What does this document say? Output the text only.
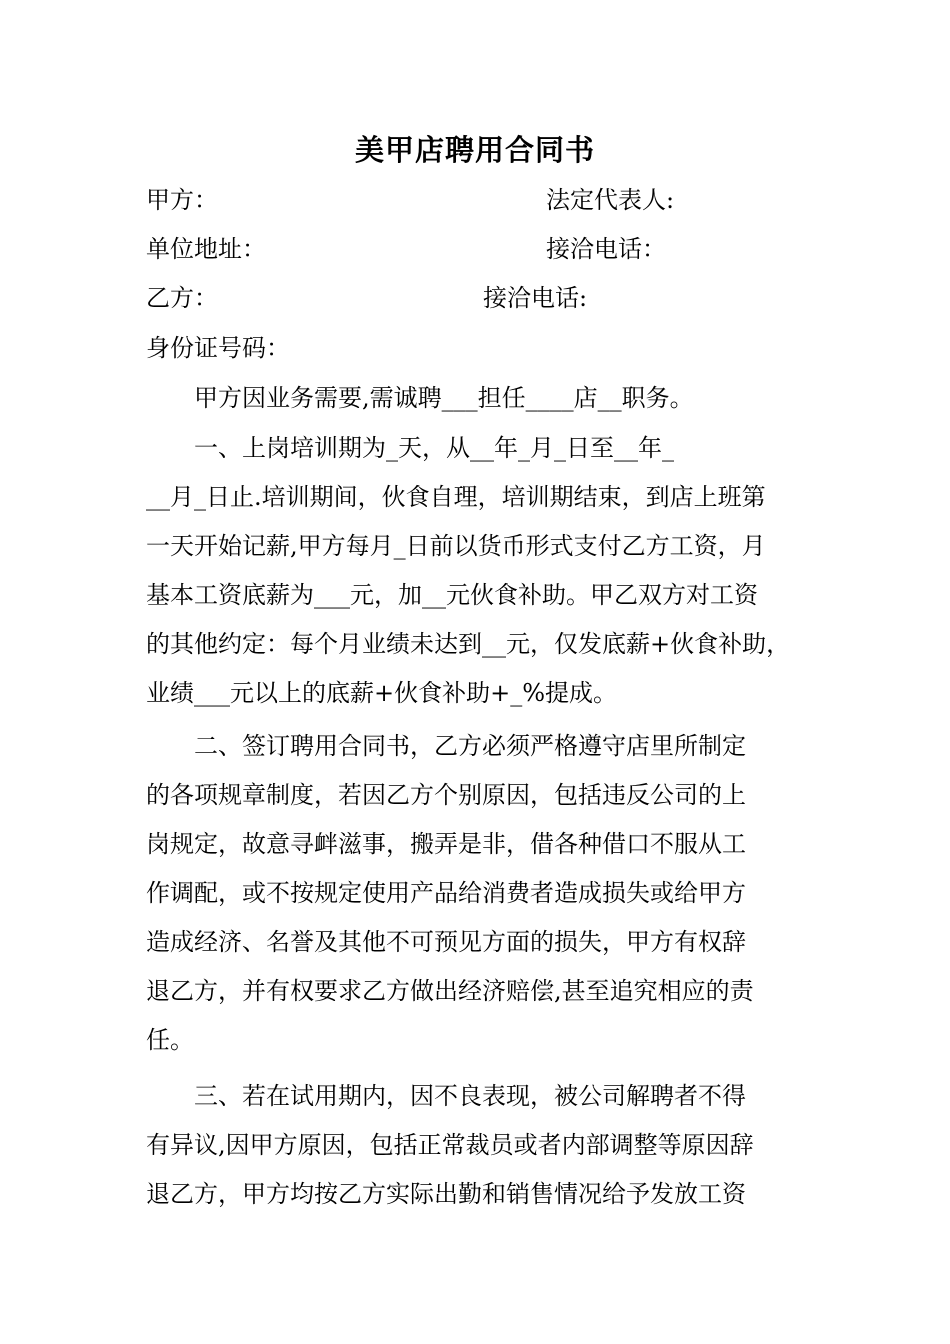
美甲店聘用合同书
甲方：	法定代表人:
单位地址：	接洽电话：
乙方：	接洽电话:
身份证号码：
甲方因业务需要,需诚聘___担任____店__职务。
一、上岗培训期为_天，从__年_月_日至__年_
__月_日止.培训期间，伙食自理，培训期结束，到店上班第
一天开始记薪,甲方每月_日前以货币形式支付乙方工资，月
基本工资底薪为___元，加__元伙食补助。甲乙双方对工资
的其他约定：每个月业绩未达到__元，仅发底薪+伙食补助，
业绩___元以上的底薪+伙食补助+_%提成。
二、签订聘用合同书，乙方必须严格遵守店里所制定
的各项规章制度，若因乙方个别原因，包括违反公司的上
岗规定，故意寻衅滋事，搬弄是非，借各种借口不服从工
作调配，或不按规定使用产品给消费者造成损失或给甲方
造成经济、名誉及其他不可预见方面的损失，甲方有权辞
退乙方，并有权要求乙方做出经济赔偿,甚至追究相应的责
任。
三、若在试用期内，因不良表现，被公司解聘者不得
有异议,因甲方原因，包括正常裁员或者内部调整等原因辞
退乙方，甲方均按乙方实际出勤和销售情况给予发放工资
